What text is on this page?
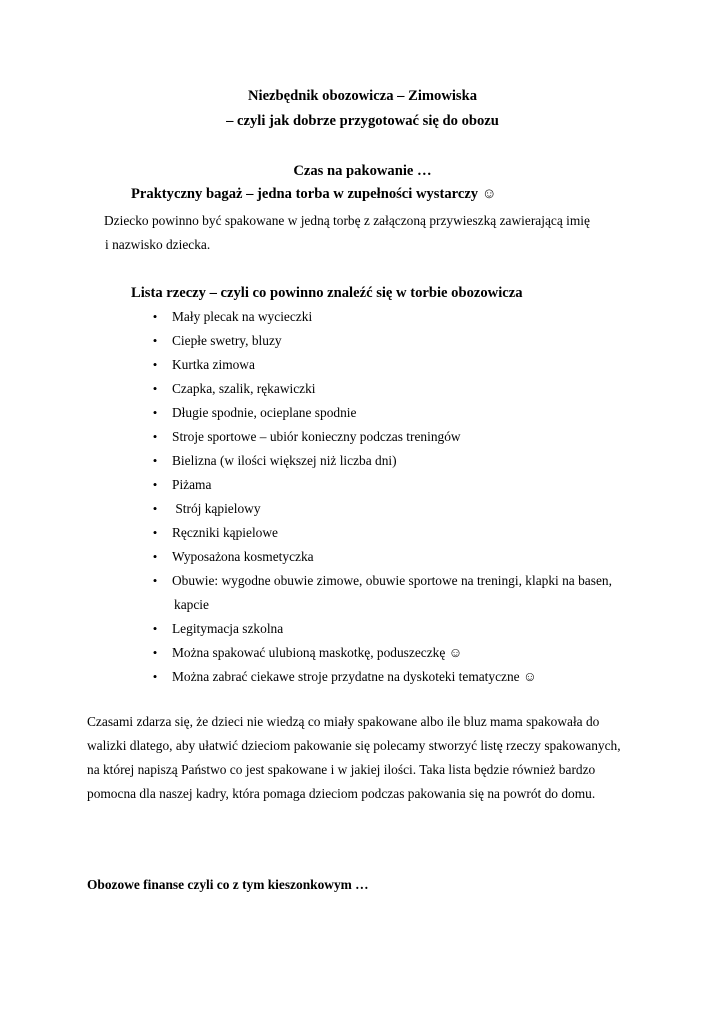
Niezbędnik obozowicza – Zimowiska
– czyli jak dobrze przygotować się do obozu
Czas na pakowanie …
Praktyczny bagaż – jedna torba w zupełności wystarczy ☺
Dziecko powinno być spakowane w jedną torbę z załączoną przywieszką zawierającą imię
i nazwisko dziecka.
Lista rzeczy – czyli co powinno znaleźć się w torbie obozowicza
• Mały plecak na wycieczki
• Ciepłe swetry, bluzy
• Kurtka zimowa
• Czapka, szalik, rękawiczki
• Długie spodnie, ocieplane spodnie
• Stroje sportowe – ubiór konieczny podczas treningów
• Bielizna (w ilości większej niż liczba dni)
• Piżama
• Strój kąpielowy
• Ręczniki kąpielowe
• Wyposażona kosmetyczka
• Obuwie: wygodne obuwie zimowe, obuwie sportowe na treningi, klapki na basen,
kapcie
• Legitymacja szkolna
• Można spakować ulubioną maskotkę, poduszeczkę ☺
• Można zabrać ciekawe stroje przydatne na dyskoteki tematyczne ☺
Czasami zdarza się, że dzieci nie wiedzą co miały spakowane albo ile bluz mama spakowała do
walizki dlatego, aby ułatwić dzieciom pakowanie się polecamy stworzyć listę rzeczy spakowanych,
na której napiszą Państwo co jest spakowane i w jakiej ilości. Taka lista będzie również bardzo
pomocna dla naszej kadry, która pomaga dzieciom podczas pakowania się na powrót do domu.
Obozowe finanse czyli co z tym kieszonkowym …
